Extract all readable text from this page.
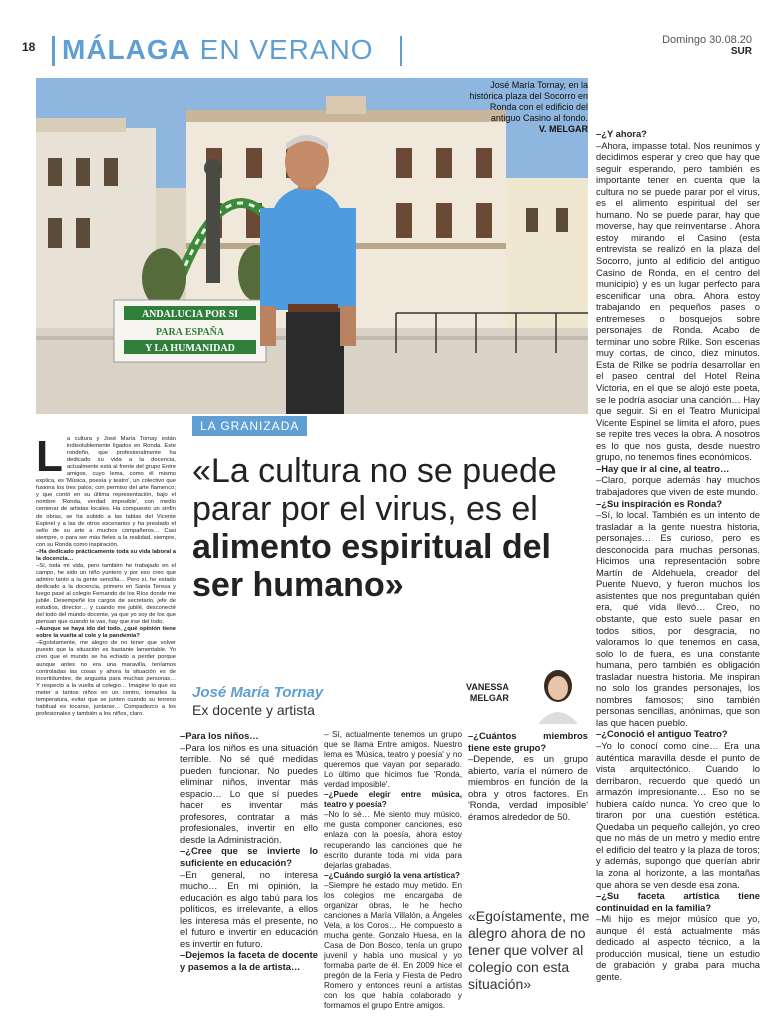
18 MÁLAGA EN VERANO	Domingo 30.08.20
SUR
ANDALUCIA POR SI
PARA ESPAÑA
Y LA HUMANIDAD
José María Tornay, en la histórica plaza del Socorro en Ronda con el edificio del antiguo Casino al fondo.
V. MELGAR
LA GRANIZADA
«La cultura no se puede parar por el virus, es el alimento espiritual del ser humano»
José María Tornay
Ex docente y artista
VANESSA
MELGAR

La cultura y José María Tornay están indisolublemente ligados en Ronda. Este rondeño, que profesionalmente ha dedicado su vida a la docencia, actualmente está al frente del grupo Entre amigos, cuyo lema, como él mismo explica, es 'Música, poesía y teatro', un colectivo que fusiona los tres palos, con permiso del arte flamenco; y que contó en su última representación, bajo el nombre 'Ronda, verdad imposible', con medio centenar de artistas locales. Ha compuesto un sinfín de obras, se ha subido a las tablas del Vicente Espinel y a las de otros escenarios y ha prestado el sello de su arte a muchos compañeros… Casi siempre, o para ser más fieles a la realidad, siempre, con su Ronda como inspiración.

–Ha dedicado prácticamente toda su vida laboral a la docencia…

–Sí, toda mi vida, pero también he trabajado en el campo, he sido un niño yuntero y por eso creo que admiro tanto a la gente sencilla… Pero sí, he estado dedicado a la docencia, primero en Santa Teresa y luego pasé al colegio Fernando de los Ríos donde me jubilé. Desempeñé los cargos de secretario, jefe de estudios, director… y cuando me jubilé, desconecté del todo del mundo docente, ya que yo soy de los que piensan que cuando te vas, hay que irse del todo.

–Aunque se haya ido del todo, ¿qué opinión tiene sobre la vuelta al cole y la pandemia?

–Egoístamente, me alegro de no tener que volver puesto que la situación es bastante lamentable. Yo creo que el mundo se ha echado a perder porque aunque antes no era una maravilla, teníamos controladas las cosas y ahora la situación es de incertidumbre, de angustia para muchas personas… Y respecto a la vuelta al colegio… Imagine lo que es meter a tantos niños en un centro, tomarles la temperatura, evitar que se junten cuando su terreno habitual es tocarse, juntarse… Compadezco a los profesionales y también a los niños, claro.

–Para los niños…

–Para los niños es una situación terrible. No sé qué medidas pueden funcionar. No puedes eliminar niños, inventar más espacio… Lo que sí puedes hacer es inventar más profesores, contratar a más profesionales, invertir en ello desde la Administración.

–¿Cree que se invierte lo suficiente en educación?

–En general, no interesa mucho… En mi opinión, la educación es algo tabú para los políticos, es irrelevante, a ellos les interesa más el presente, no el futuro e invertir en educación es invertir en futuro.

–Dejemos la faceta de docente y pasemos a la de artista…

– Sí, actualmente tenemos un grupo que se llama Entre amigos. Nuestro lema es 'Música, teatro y poesía' y no queremos que vayan por separado. Lo último que hicimos fue 'Ronda, verdad imposible'.

–¿Puede elegir entre música, teatro y poesía?

–No lo sé… Me siento muy músico, me gusta componer canciones, eso enlaza con la poesía, ahora estoy recuperando las canciones que he escrito durante toda mi vida para dejarlas grabadas.

–¿Cuándo surgió la vena artística?

–Siempre he estado muy metido. En los colegios me encargaba de organizar obras, le he hecho canciones a María Villalón, a Ángeles Vela, a los Coros… He compuesto a mucha gente. Gonzalo Huesa, en la Casa de Don Bosco, tenía un grupo juvenil y había uno musical y yo formaba parte de él. En 2009 hice el pregón de la Feria y Fiesta de Pedro Romero y entonces reuní a artistas con los que había colaborado y formamos el grupo Entre amigos.

–¿Cuántos miembros tiene este grupo?

–Depende, es un grupo abierto, varía el número de miembros en función de la obra y otros factores. En 'Ronda, verdad imposible' éramos alrededor de 50.

«Egoístamente, me alegro ahora de no tener que volver al colegio con esta situación»

–¿Y ahora?

–Ahora, impasse total. Nos reunimos y decidimos esperar y creo que hay que seguir esperando, pero también es importante tener en cuenta que la cultura no se puede parar por el virus, es el alimento espiritual del ser humano. No se puede parar, hay que moverse, hay que reinventarse . Ahora estoy mirando el Casino (esta entrevista se realizó en la plaza del Socorro, junto al edificio del antiguo Casino de Ronda, en el centro del municipio) y es un lugar perfecto para escenificar una obra. Ahora estoy trabajando en pequeños pases o entremeses o bosquejos sobre personajes de Ronda. Acabo de terminar uno sobre Rilke. Son escenas muy cortas, de cinco, diez minutos. Esta de Rilke se podría desarrollar en el paseo central del Hotel Reina Victoria, en el que se alojó este poeta, se le podría asociar una canción… Hay que seguir. Si en el Teatro Municipal Vicente Espinel se limita el aforo, pues se repite tres veces la obra. A nosotros es lo que nos gusta, desde nuestro grupo, no tenemos fines económicos.

–Hay que ir al cine, al teatro…

–Claro, porque además hay muchos trabajadores que viven de este mundo.

–¿Su inspiración es Ronda?

–Sí, lo local. También es un intento de trasladar a la gente nuestra historia, personajes… Es curioso, pero es desconocida para muchas personas. Hicimos una representación sobre Martín de Aldehuela, creador del Puente Nuevo, y fueron muchos los asistentes que nos preguntaban quién era, qué vida llevó… Creo, no obstante, que esto suele pasar en todos sitios, por desgracia, no valoramos lo que tenemos en casa, solo lo de fuera, es una constante humana, pero también es obligación trasladar nuestra historia. Me inspiran no solo los grandes personajes, los nombres famosos; sino también personas sencillas, anónimas, que son las que hacen pueblo.

–¿Conoció el antiguo Teatro?

–Yo lo conocí como cine… Era una auténtica maravilla desde el punto de vista arquitectónico. Cuando lo derribaron, recuerdo que quedó un armazón impresionante… Eso no se hubiera caído nunca. Yo creo que lo tiraron por una cuestión estética. Quedaba un pequeño callejón, yo creo que no más de un metro y medio entre el edificio del teatro y la plaza de toros; y además, supongo que querían abrir la zona al horizonte, a las montañas que ahora se ven desde esa zona.

–¿Su faceta artística tiene continuidad en la familia?

–Mi hijo es mejor músico que yo, aunque él está actualmente más dedicado al aspecto técnico, a la producción musical, tiene un estudio de grabación y graba para mucha gente.
